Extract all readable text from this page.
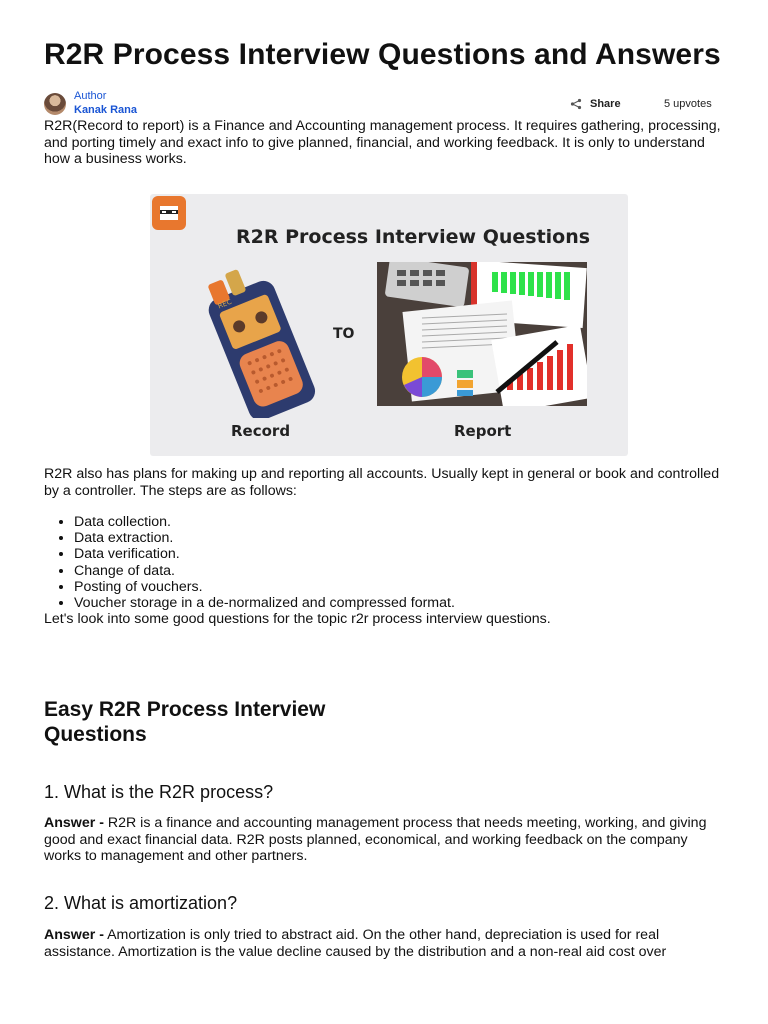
R2R Process Interview Questions and Answers
Author
Kanak Rana	Share	5 upvotes

R2R(Record to report) is a Finance and Accounting management process. It requires gathering, processing, and porting timely and exact info to give planned, financial, and working feedback. It is only to understand how a business works.

R2R Process Interview Questions
REC
TO
Record	Report

R2R also has plans for making up and reporting all accounts. Usually kept in general or book and controlled by a controller. The steps are as follows:

• Data collection.
• Data extraction.
• Data verification.
• Change of data.
• Posting of vouchers.
• Voucher storage in a de-normalized and compressed format.

Let's look into some good questions for the topic r2r process interview questions.

Easy R2R Process Interview Questions
1. What is the R2R process?

Answer - R2R is a finance and accounting management process that needs meeting, working, and giving good and exact financial data. R2R posts planned, economical, and working feedback on the company works to management and other partners.

2. What is amortization?

Answer - Amortization is only tried to abstract aid. On the other hand, depreciation is used for real assistance. Amortization is the value decline caused by the distribution and a non-real aid cost over
